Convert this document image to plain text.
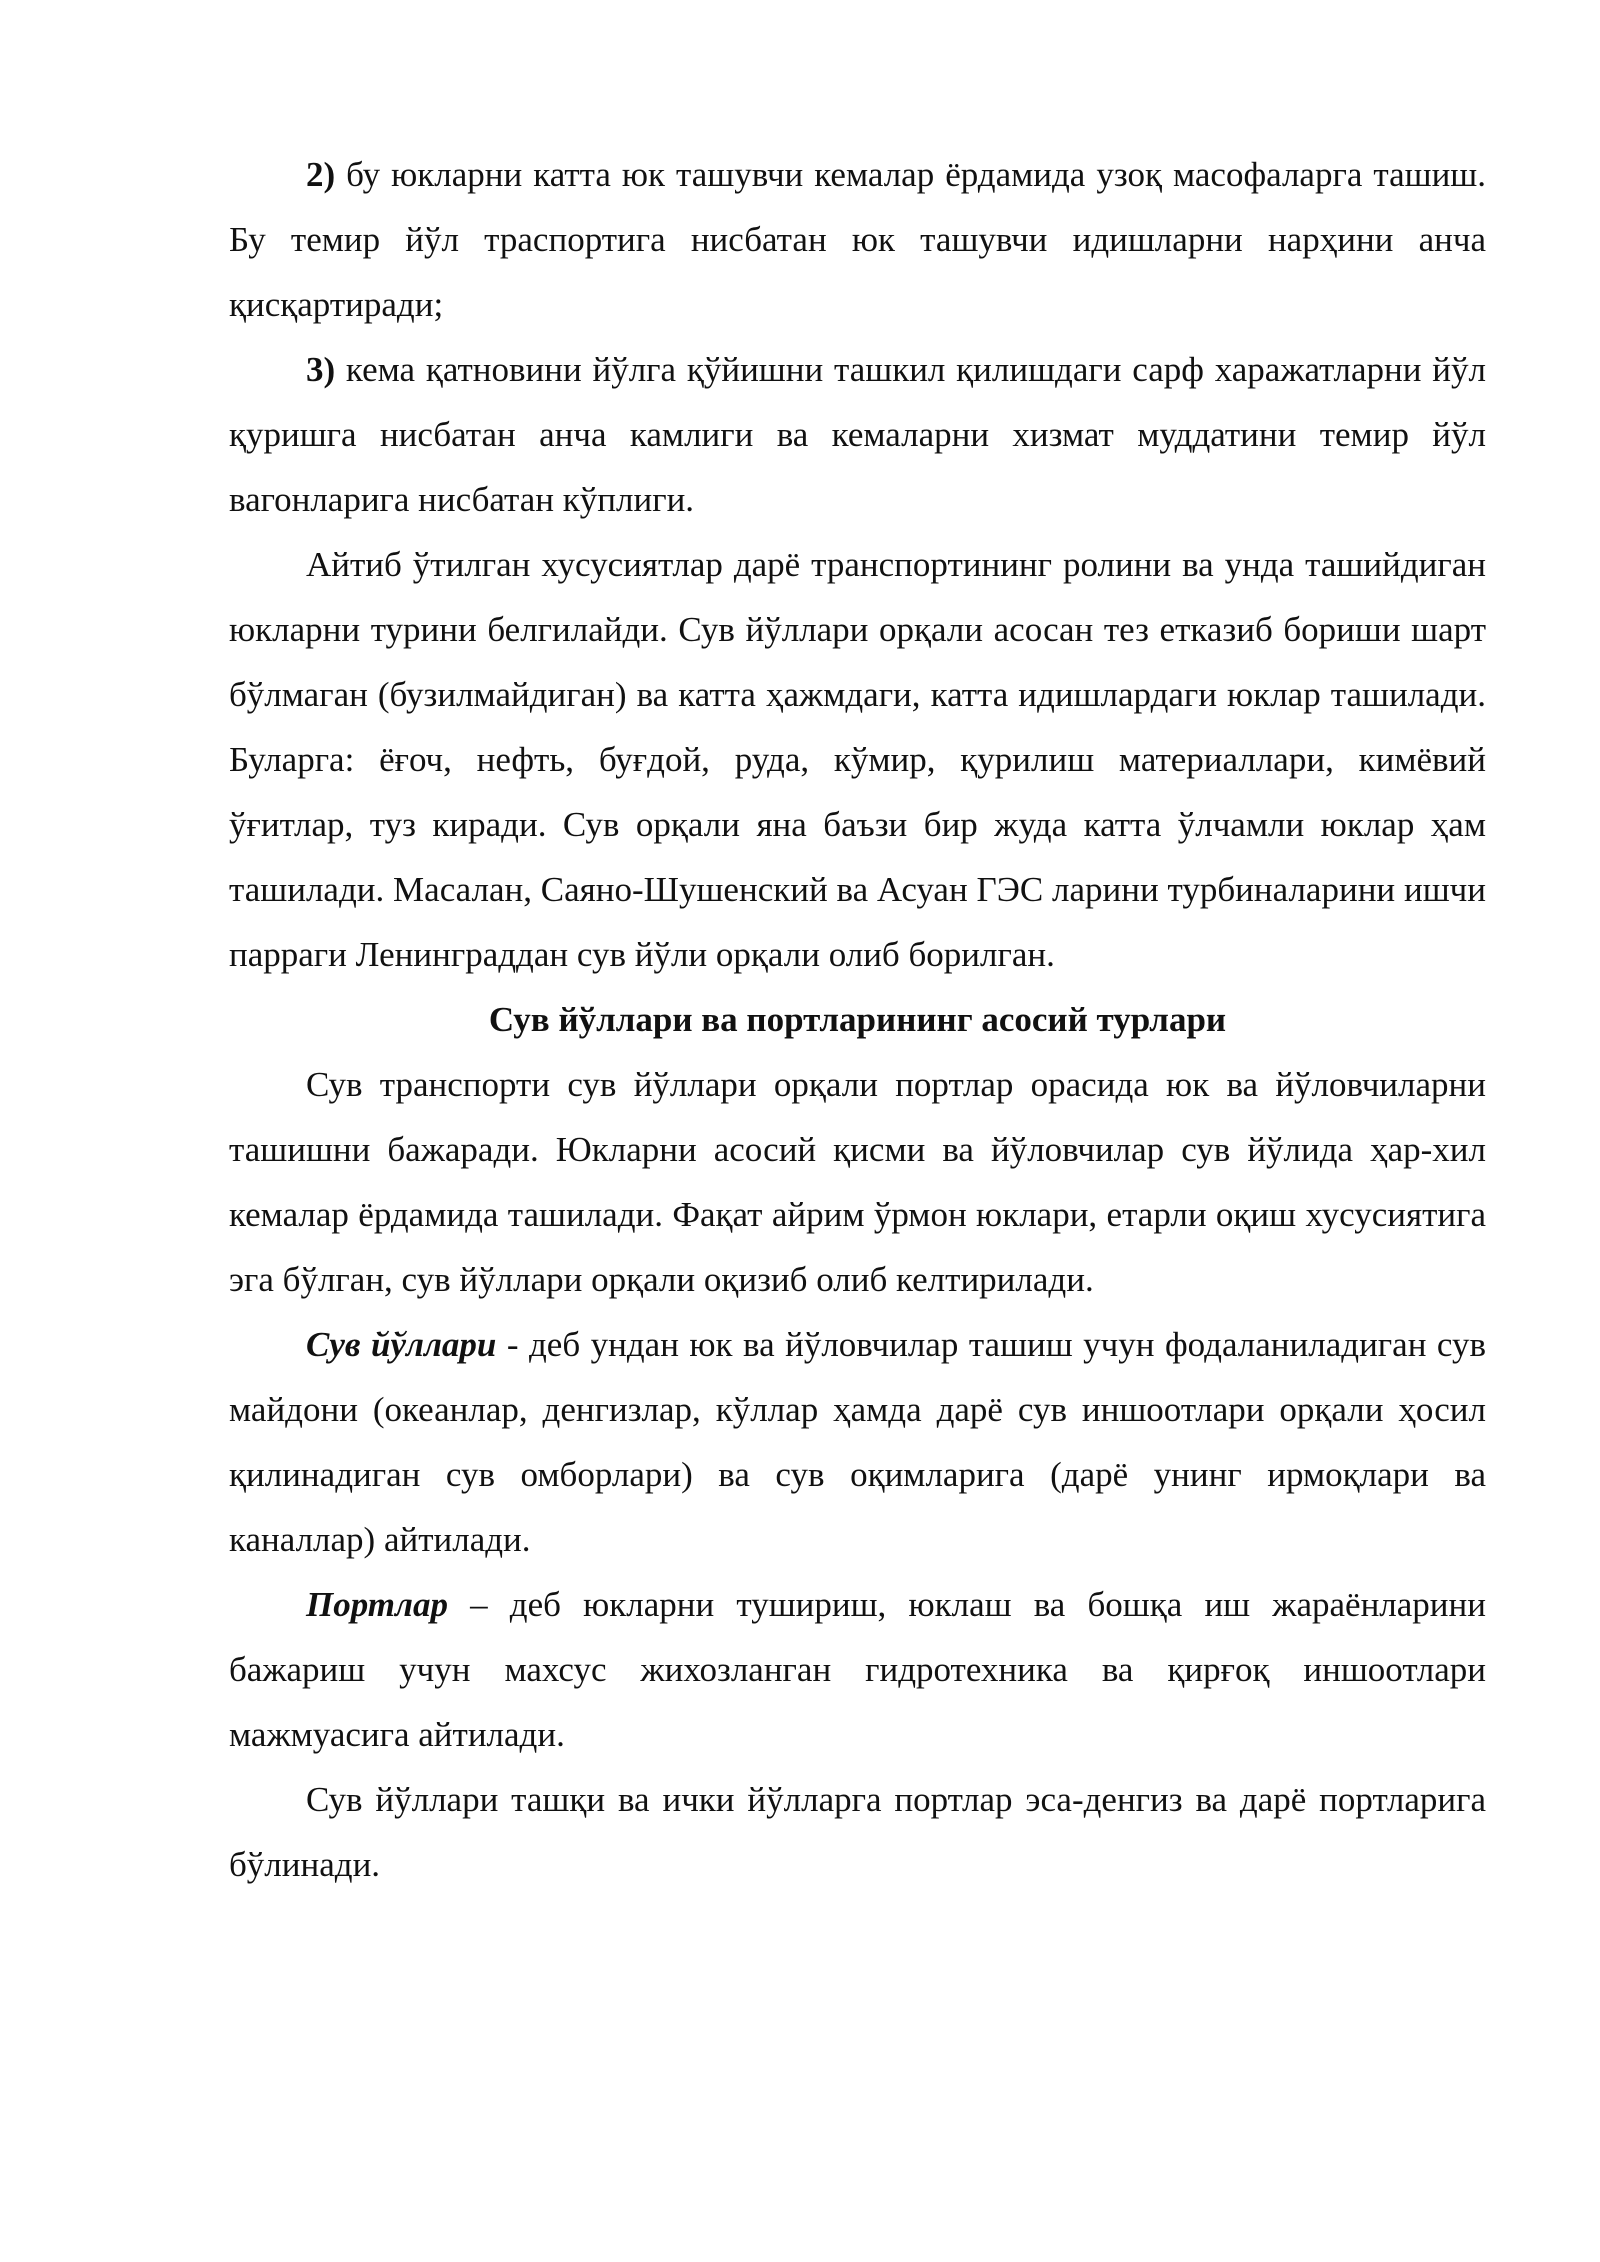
2) бу юкларни катта юк ташувчи кемалар ёрдамида узоқ масофаларга ташиш. Бу темир йўл траспортига нисбатан юк ташувчи идишларни нарҳини анча қисқартиради;

3) кема қатновини йўлга қўйишни ташкил қилишдаги сарф харажатларни йўл қуришга нисбатан анча камлиги ва кемаларни хизмат муддатини темир йўл вагонларига нисбатан кўплиги.

Айтиб ўтилган хусусиятлар дарё транспортининг ролини ва унда ташийдиган юкларни турини белгилайди. Сув йўллари орқали асосан тез етказиб бориши шарт бўлмаган (бузилмайдиган) ва катта ҳажмдаги, катта идишлардаги юклар ташилади. Буларга: ёғоч, нефть, буғдой, руда, кўмир, қурилиш материаллари, кимёвий ўғитлар, туз киради. Сув орқали яна баъзи бир жуда катта ўлчамли юклар ҳам ташилади. Масалан, Саяно-Шушенский ва Асуан ГЭС ларини турбиналарини ишчи парраги Ленинграддан сув йўли орқали олиб борилган.

Сув йўллари ва портларининг асосий турлари

Сув транспорти сув йўллари орқали портлар орасида юк ва йўловчиларни ташишни бажаради. Юкларни асосий қисми ва йўловчилар сув йўлида ҳар-хил кемалар ёрдамида ташилади. Фақат айрим ўрмон юклари, етарли оқиш хусусиятига эга бўлган, сув йўллари орқали оқизиб олиб келтирилади.

Сув йўллари - деб ундан юк ва йўловчилар ташиш учун фодаланиладиган сув майдони (океанлар, денгизлар, кўллар ҳамда дарё сув иншоотлари орқали ҳосил қилинадиган сув омборлари) ва сув оқимларига (дарё унинг ирмоқлари ва каналлар) айтилади.

Портлар – деб юкларни тушириш, юклаш ва бошқа иш жараёнларини бажариш учун махсус жихозланган гидротехника ва қирғоқ иншоотлари мажмуасига айтилади.

Сув йўллари ташқи ва ички йўлларга портлар эса-денгиз ва дарё портларига бўлинади.
